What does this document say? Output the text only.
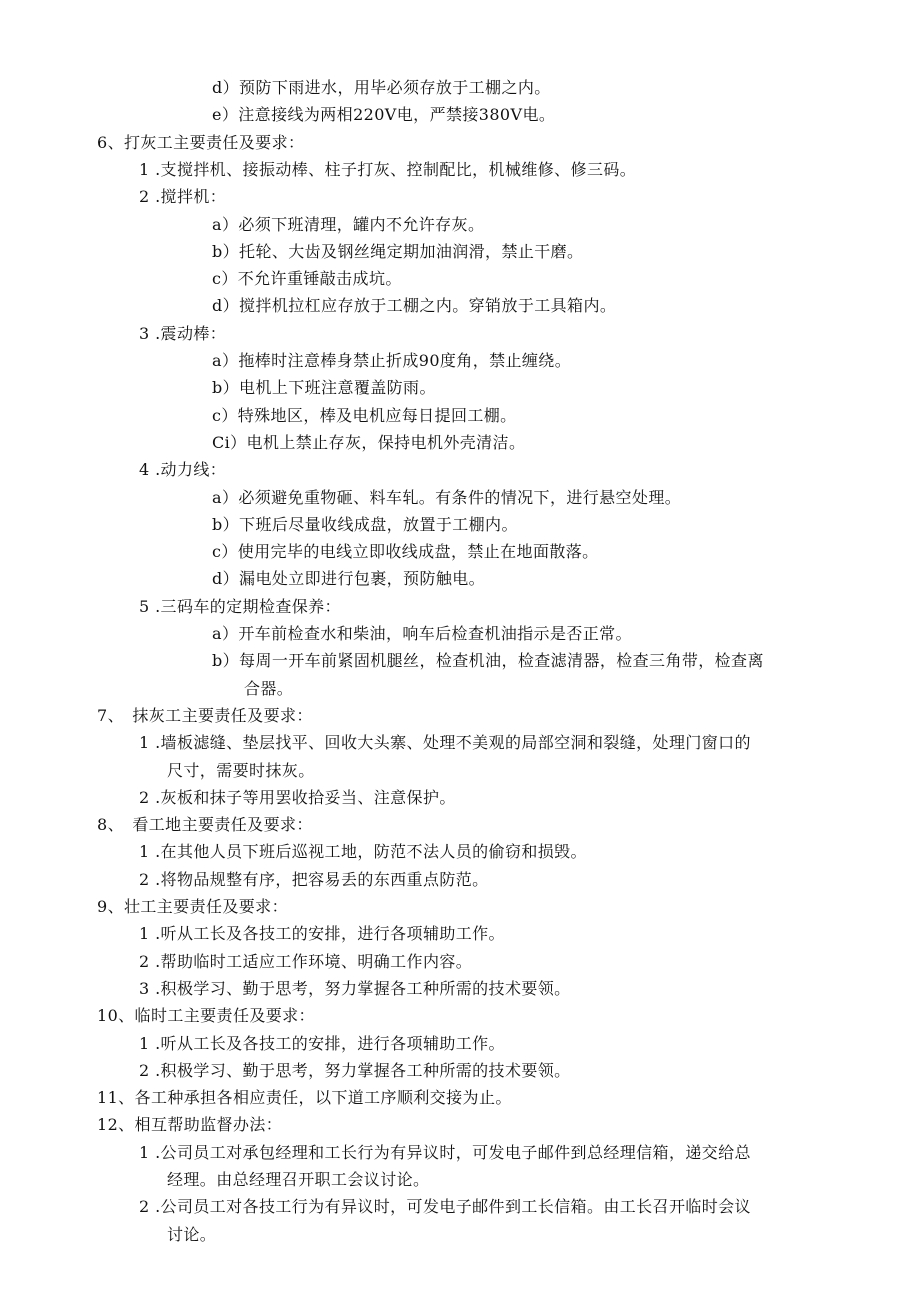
d）预防下雨进水，用毕必须存放于工棚之内。
e）注意接线为两相220V电，严禁接380V电。
6、打灰工主要责任及要求：
1 .支搅拌机、接振动棒、柱子打灰、控制配比，机械维修、修三码。
2 .搅拌机：
a）必须下班清理，罐内不允许存灰。
b）托轮、大齿及钢丝绳定期加油润滑，禁止干磨。
c）不允许重锤敲击成坑。
d）搅拌机拉杠应存放于工棚之内。穿销放于工具箱内。
3 .震动棒：
a）拖棒时注意棒身禁止折成90度角，禁止缠绕。
b）电机上下班注意覆盖防雨。
c）特殊地区，棒及电机应每日提回工棚。
Ci）电机上禁止存灰，保持电机外壳清洁。
4 .动力线：
a）必须避免重物砸、料车轧。有条件的情况下，进行悬空处理。
b）下班后尽量收线成盘，放置于工棚内。
c）使用完毕的电线立即收线成盘，禁止在地面散落。
d）漏电处立即进行包裹，预防触电。
5 .三码车的定期检查保养：
a）开车前检查水和柴油，响车后检查机油指示是否正常。
b）每周一开车前紧固机腿丝，检查机油，检查滤清器，检查三角带，检查离
合器。
7、　抹灰工主要责任及要求：
1 .墙板滤缝、垫层找平、回收大头寨、处理不美观的局部空洞和裂缝，处理门窗口的
尺寸，需要时抹灰。
2 .灰板和抹子等用罢收拾妥当、注意保护。
8、　看工地主要责任及要求：
1 .在其他人员下班后巡视工地，防范不法人员的偷窃和损毁。
2 .将物品规整有序，把容易丢的东西重点防范。
9、壮工主要责任及要求：
1 .听从工长及各技工的安排，进行各项辅助工作。
2 .帮助临时工适应工作环境、明确工作内容。
3 .积极学习、勤于思考，努力掌握各工种所需的技术要领。
10、临时工主要责任及要求：
1 .听从工长及各技工的安排，进行各项辅助工作。
2 .积极学习、勤于思考，努力掌握各工种所需的技术要领。
11、各工种承担各相应责任，以下道工序顺利交接为止。
12、相互帮助监督办法：
1 .公司员工对承包经理和工长行为有异议时，可发电子邮件到总经理信箱，递交给总
经理。由总经理召开职工会议讨论。
2 .公司员工对各技工行为有异议时，可发电子邮件到工长信箱。由工长召开临时会议
讨论。
